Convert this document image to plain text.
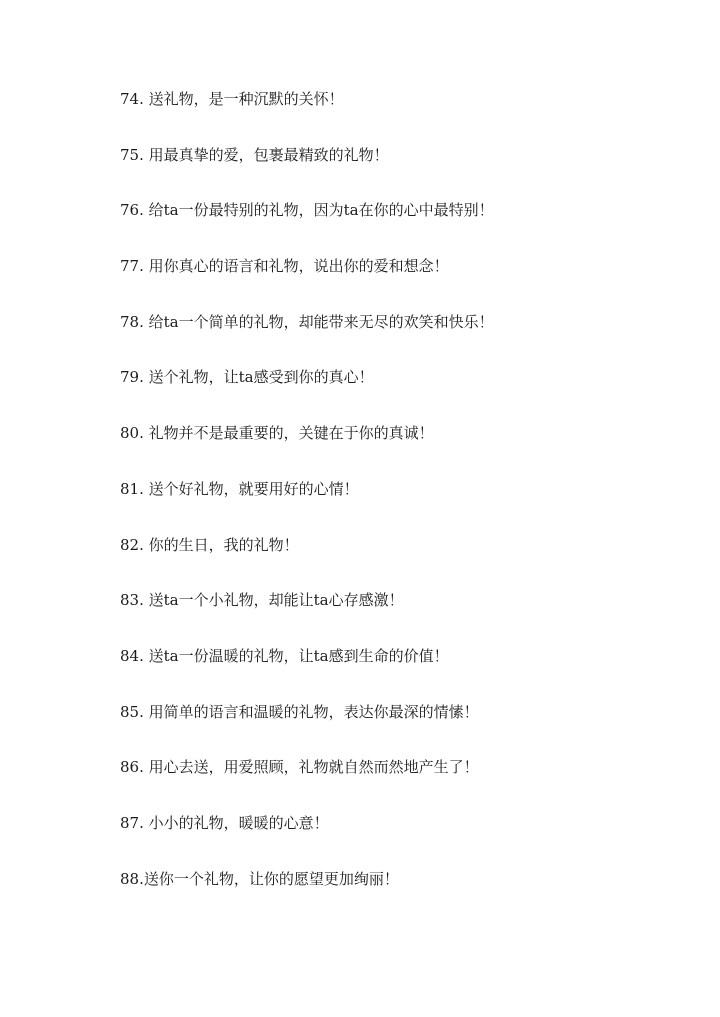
74. 送礼物，是一种沉默的关怀！
75. 用最真挚的爱，包裹最精致的礼物！
76. 给ta一份最特别的礼物，因为ta在你的心中最特别！
77. 用你真心的语言和礼物，说出你的爱和想念！
78. 给ta一个简单的礼物，却能带来无尽的欢笑和快乐！
79. 送个礼物，让ta感受到你的真心！
80. 礼物并不是最重要的，关键在于你的真诚！
81. 送个好礼物，就要用好的心情！
82. 你的生日，我的礼物！
83. 送ta一个小礼物，却能让ta心存感激！
84. 送ta一份温暖的礼物，让ta感到生命的价值！
85. 用简单的语言和温暖的礼物，表达你最深的情愫！
86. 用心去送，用爱照顾，礼物就自然而然地产生了！
87. 小小的礼物，暖暖的心意！
88.送你一个礼物，让你的愿望更加绚丽！
